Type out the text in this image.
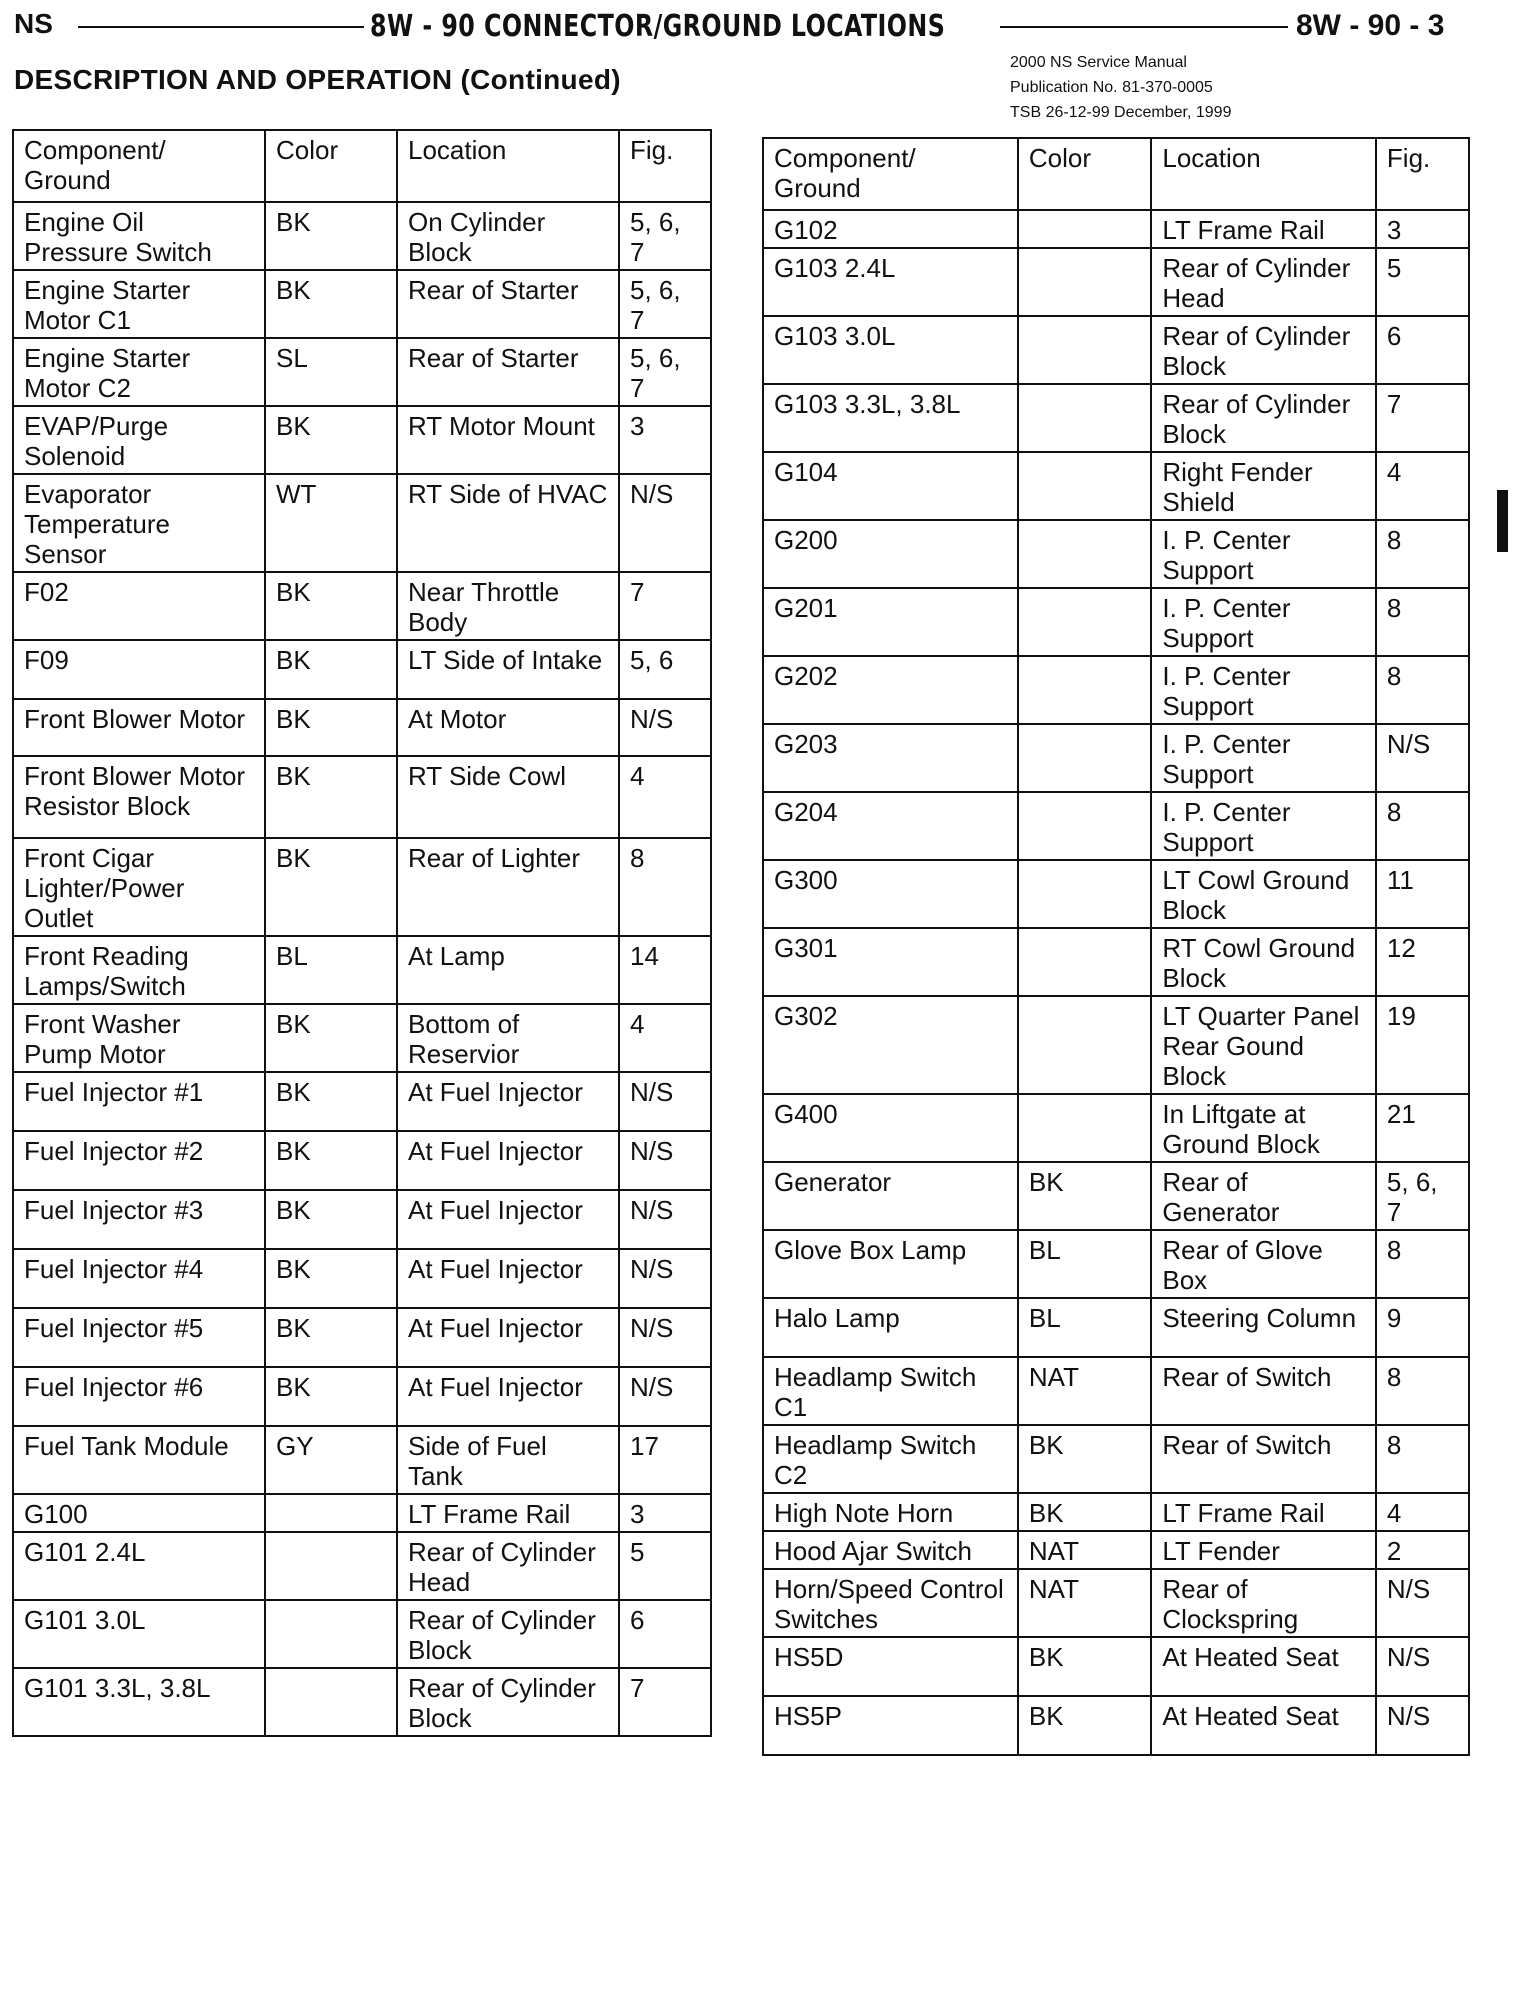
NS	8W - 90 CONNECTOR/GROUND LOCATIONS	8W - 90 - 3
DESCRIPTION AND OPERATION (Continued)
2000 NS Service Manual
Publication No. 81-370-0005
TSB 26-12-99 December, 1999
Component/ Ground	Color	Location	Fig.
Engine Oil Pressure Switch	BK	On Cylinder Block	5, 6, 7
Engine Starter Motor C1	BK	Rear of Starter	5, 6, 7
Engine Starter Motor C2	SL	Rear of Starter	5, 6, 7
EVAP/Purge Solenoid	BK	RT Motor Mount	3
Evaporator Temperature Sensor	WT	RT Side of HVAC	N/S
F02	BK	Near Throttle Body	7
F09	BK	LT Side of Intake	5, 6
Front Blower Motor	BK	At Motor	N/S
Front Blower Motor Resistor Block	BK	RT Side Cowl	4
Front Cigar Lighter/Power Outlet	BK	Rear of Lighter	8
Front Reading Lamps/Switch	BL	At Lamp	14
Front Washer Pump Motor	BK	Bottom of Reservior	4
Fuel Injector #1	BK	At Fuel Injector	N/S
Fuel Injector #2	BK	At Fuel Injector	N/S
Fuel Injector #3	BK	At Fuel Injector	N/S
Fuel Injector #4	BK	At Fuel Injector	N/S
Fuel Injector #5	BK	At Fuel Injector	N/S
Fuel Injector #6	BK	At Fuel Injector	N/S
Fuel Tank Module	GY	Side of Fuel Tank	17
G100		LT Frame Rail	3
G101 2.4L		Rear of Cylinder Head	5
G101 3.0L		Rear of Cylinder Block	6
G101 3.3L, 3.8L		Rear of Cylinder Block	7
Component/ Ground	Color	Location	Fig.
G102		LT Frame Rail	3
G103 2.4L		Rear of Cylinder Head	5
G103 3.0L		Rear of Cylinder Block	6
G103 3.3L, 3.8L		Rear of Cylinder Block	7
G104		Right Fender Shield	4
G200		I. P. Center Support	8
G201		I. P. Center Support	8
G202		I. P. Center Support	8
G203		I. P. Center Support	N/S
G204		I. P. Center Support	8
G300		LT Cowl Ground Block	11
G301		RT Cowl Ground Block	12
G302		LT Quarter Panel Rear Gound Block	19
G400		In Liftgate at Ground Block	21
Generator	BK	Rear of Generator	5, 6, 7
Glove Box Lamp	BL	Rear of Glove Box	8
Halo Lamp	BL	Steering Column	9
Headlamp Switch C1	NAT	Rear of Switch	8
Headlamp Switch C2	BK	Rear of Switch	8
High Note Horn	BK	LT Frame Rail	4
Hood Ajar Switch	NAT	LT Fender	2
Horn/Speed Control Switches	NAT	Rear of Clockspring	N/S
HS5D	BK	At Heated Seat	N/S
HS5P	BK	At Heated Seat	N/S
